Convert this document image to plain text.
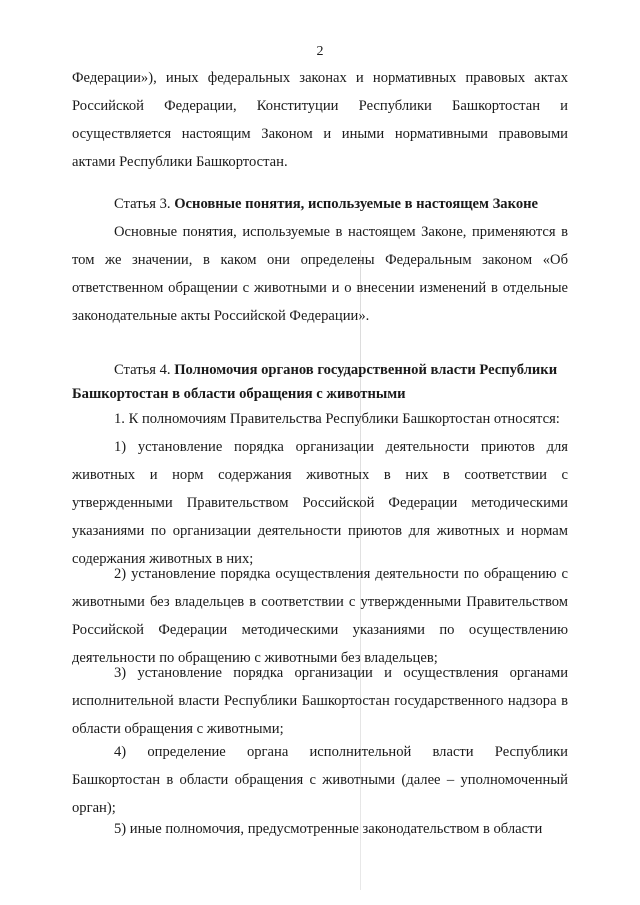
2

Федерации»), иных федеральных законах и нормативных правовых актах Российской Федерации, Конституции Республики Башкортостан и осуществляется настоящим Законом и иными нормативными правовыми актами Республики Башкортостан.

Статья 3. Основные понятия, используемые в настоящем Законе

Основные понятия, используемые в настоящем Законе, применяются в том же значении, в каком они определены Федеральным законом «Об ответственном обращении с животными и о внесении изменений в отдельные законодательные акты Российской Федерации».

Статья 4. Полномочия органов государственной власти Республики
Башкортостан в области обращения с животными

1. К полномочиям Правительства Республики Башкортостан относятся:

1) установление порядка организации деятельности приютов для животных и норм содержания животных в них в соответствии с утвержденными Правительством Российской Федерации методическими указаниями по организации деятельности приютов для животных и нормам содержания животных в них;

2) установление порядка осуществления деятельности по обращению с животными без владельцев в соответствии с утвержденными Правительством Российской Федерации методическими указаниями по осуществлению деятельности по обращению с животными без владельцев;

3) установление порядка организации и осуществления органами исполнительной власти Республики Башкортостан государственного надзора в области обращения с животными;

4) определение органа исполнительной власти Республики Башкортостан в области обращения с животными (далее – уполномоченный орган);

5) иные полномочия, предусмотренные законодательством в области
